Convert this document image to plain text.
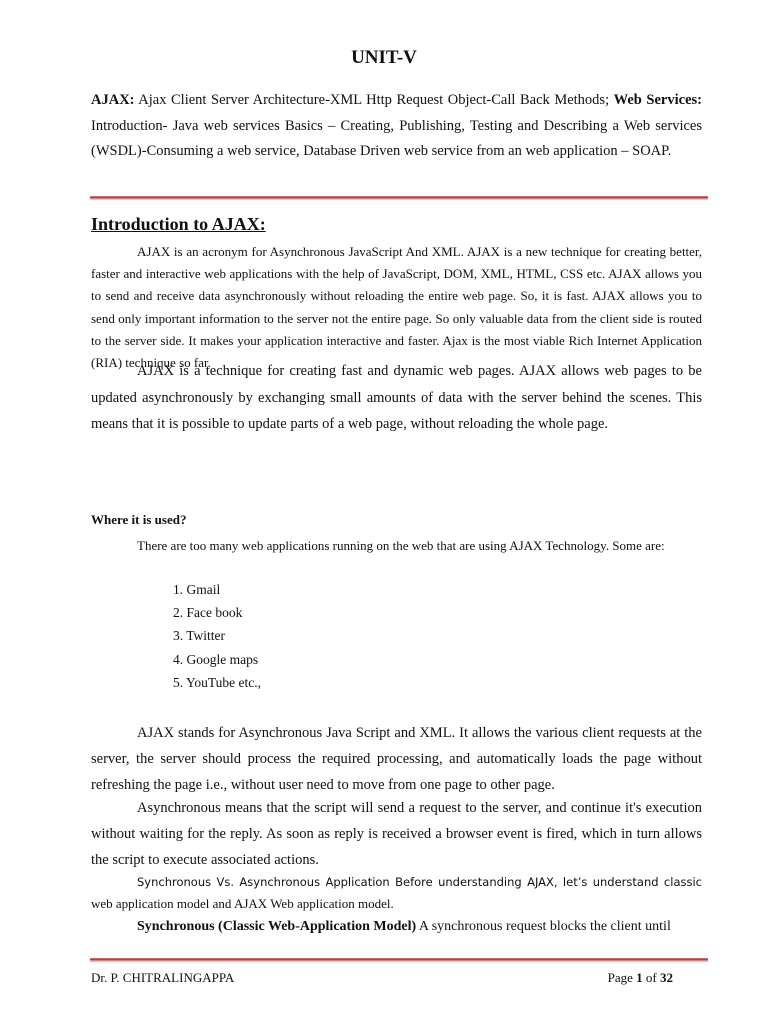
UNIT-V
AJAX: Ajax Client Server Architecture-XML Http Request Object-Call Back Methods; Web Services: Introduction- Java web services Basics – Creating, Publishing, Testing and Describing a Web services (WSDL)-Consuming a web service, Database Driven web service from an web application – SOAP.
Introduction to AJAX:

AJAX is an acronym for Asynchronous JavaScript And XML. AJAX is a new technique for creating better, faster and interactive web applications with the help of JavaScript, DOM, XML, HTML, CSS etc. AJAX allows you to send and receive data asynchronously without reloading the entire web page. So, it is fast. AJAX allows you to send only important information to the server not the entire page. So only valuable data from the client side is routed to the server side. It makes your application interactive and faster. Ajax is the most viable Rich Internet Application (RIA) technique so far.

AJAX is a technique for creating fast and dynamic web pages. AJAX allows web pages to be updated asynchronously by exchanging small amounts of data with the server behind the scenes. This means that it is possible to update parts of a web page, without reloading the whole page.

Where it is used?

There are too many web applications running on the web that are using AJAX Technology. Some are:

1. Gmail
2. Face book
3. Twitter
4. Google maps
5. YouTube etc.,

AJAX stands for Asynchronous Java Script and XML. It allows the various client requests at the server, the server should process the required processing, and automatically loads the page without refreshing the page i.e., without user need to move from one page to other page.

Asynchronous means that the script will send a request to the server, and continue it's execution without waiting for the reply. As soon as reply is received a browser event is fired, which in turn allows the script to execute associated actions.

Synchronous Vs. Asynchronous Application Before understanding AJAX, let’s understand classic web application model and AJAX Web application model.

Synchronous (Classic Web-Application Model) A synchronous request blocks the client until

Dr. P. CHITRALINGAPPA	Page 1 of 32
